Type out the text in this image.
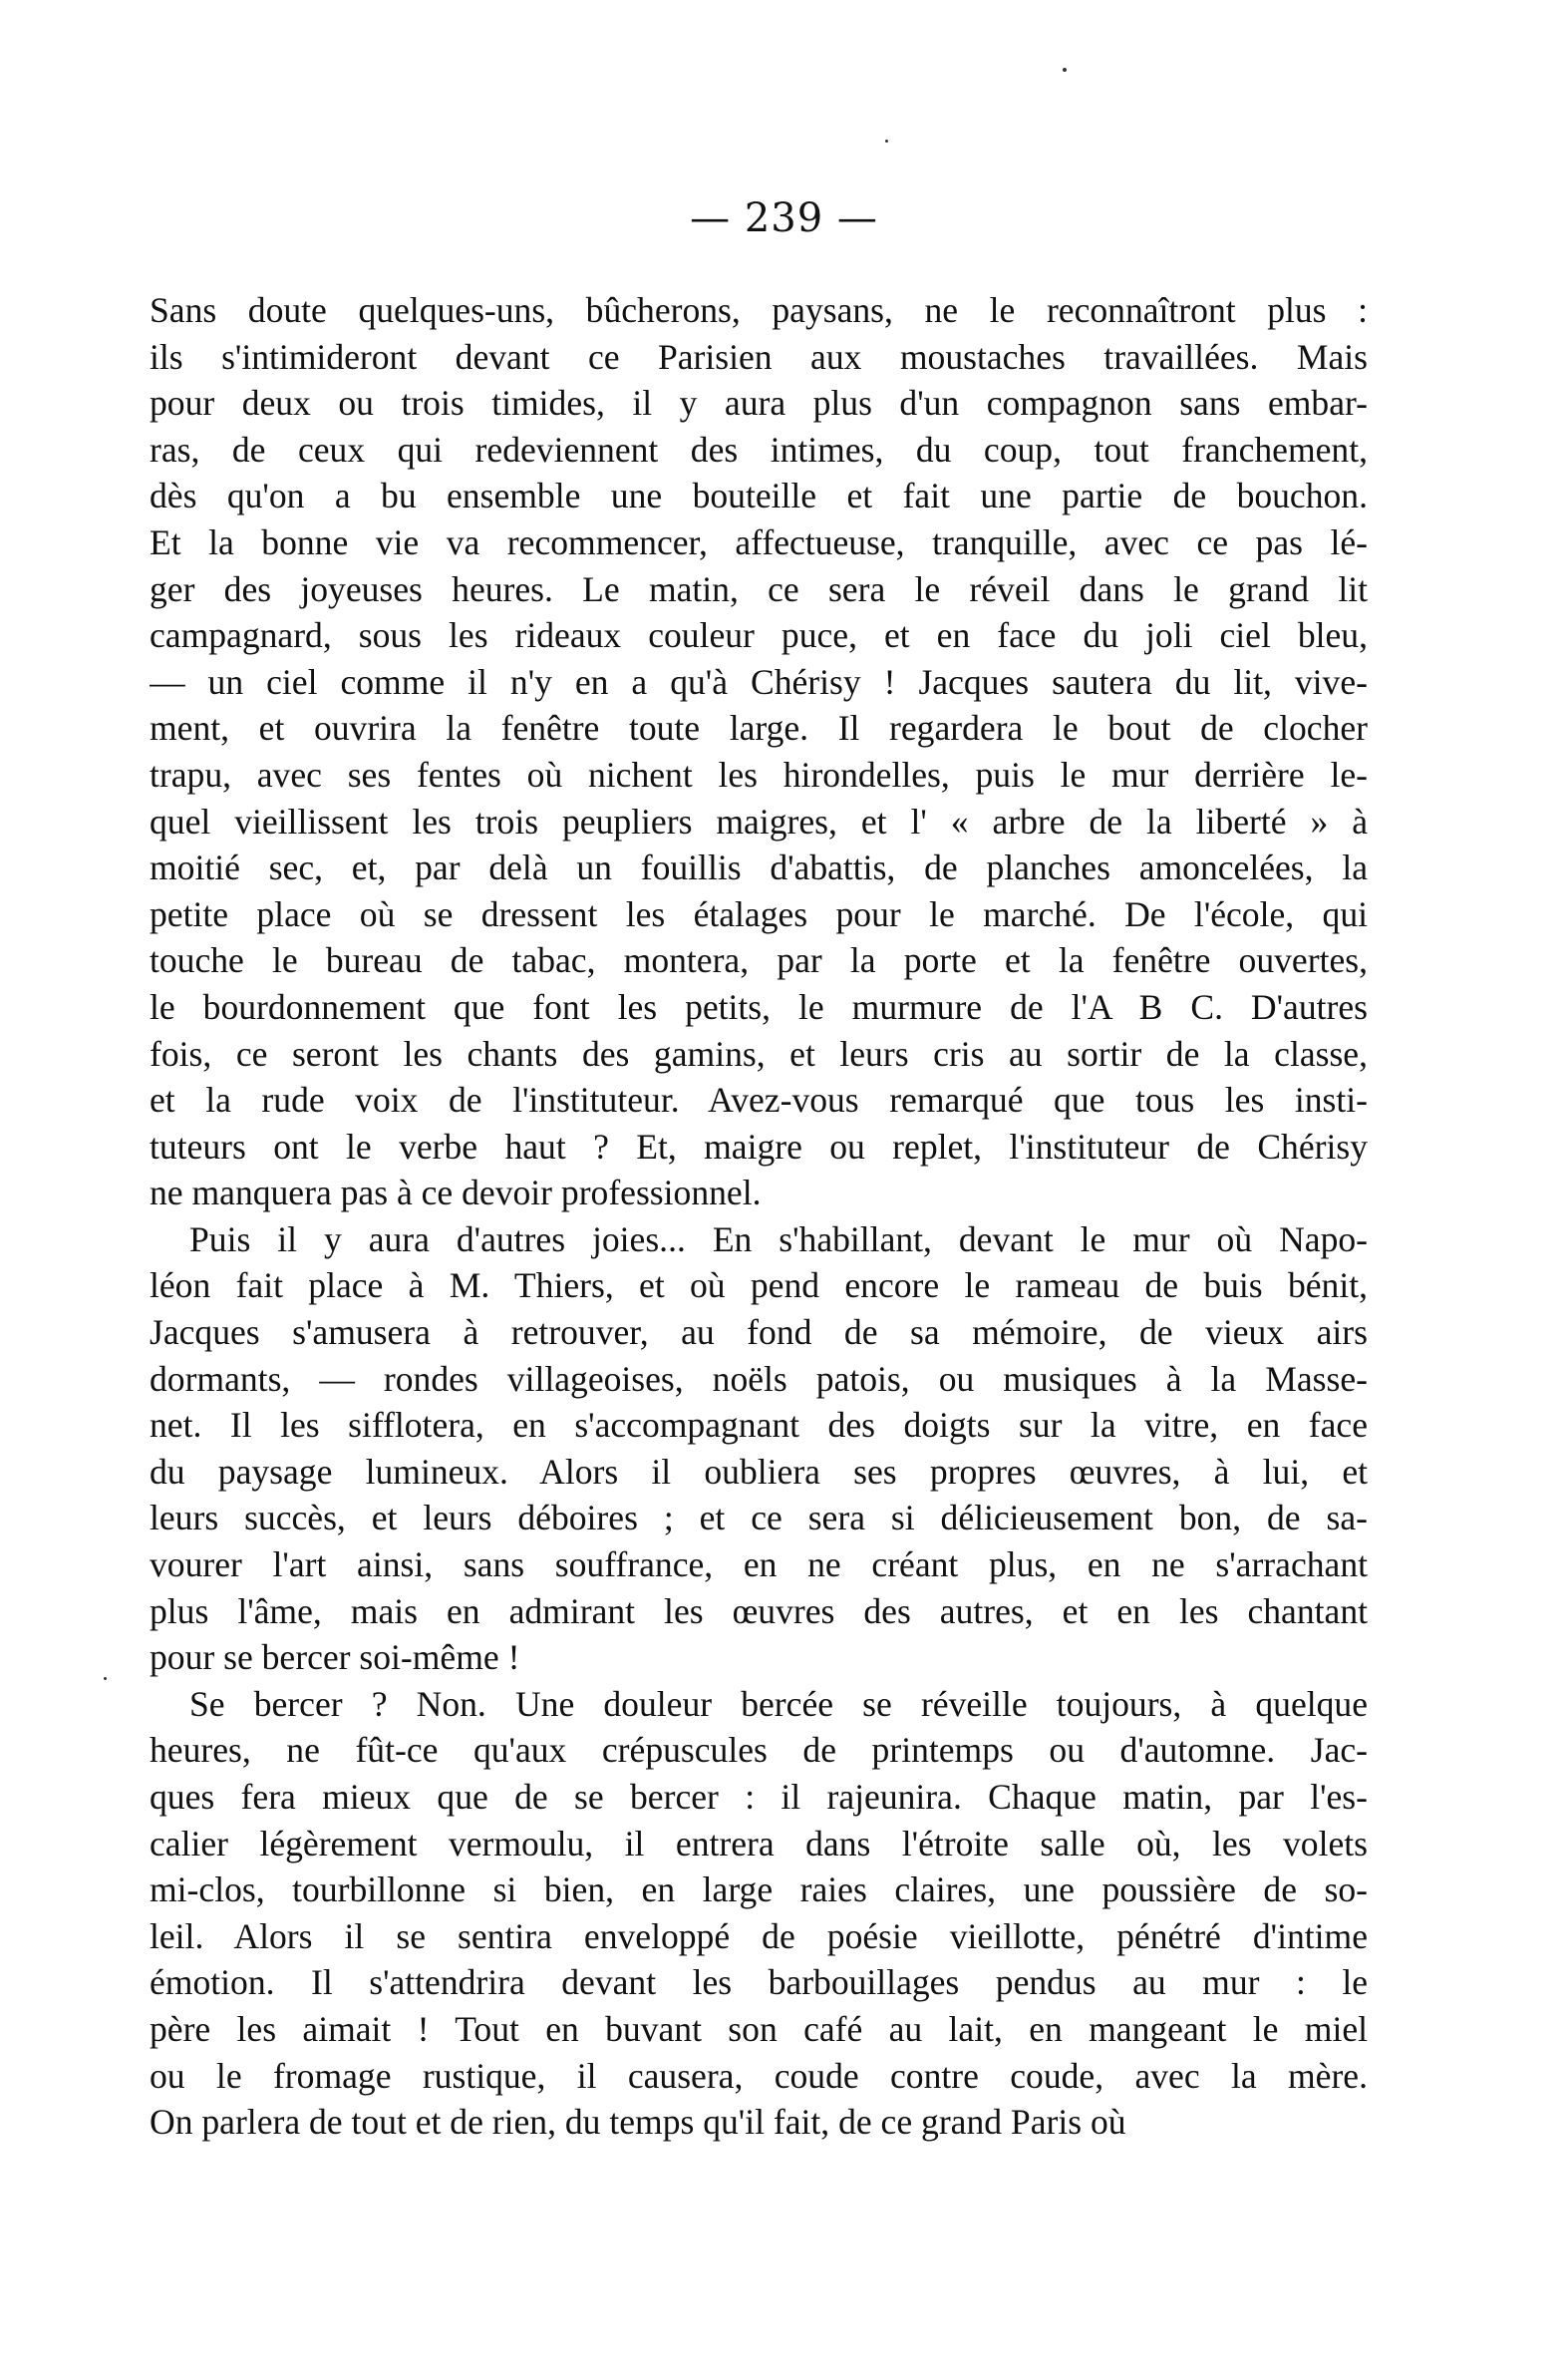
— 239 —

Sans doute quelques-uns, bûcherons, paysans, ne le reconnaîtront plus :
ils s'intimideront devant ce Parisien aux moustaches travaillées. Mais
pour deux ou trois timides, il y aura plus d'un compagnon sans embar-
ras, de ceux qui redeviennent des intimes, du coup, tout franchement,
dès qu'on a bu ensemble une bouteille et fait une partie de bouchon.
Et la bonne vie va recommencer, affectueuse, tranquille, avec ce pas lé-
ger des joyeuses heures. Le matin, ce sera le réveil dans le grand lit
campagnard, sous les rideaux couleur puce, et en face du joli ciel bleu,
— un ciel comme il n'y en a qu'à Chérisy ! Jacques sautera du lit, vive-
ment, et ouvrira la fenêtre toute large. Il regardera le bout de clocher
trapu, avec ses fentes où nichent les hirondelles, puis le mur derrière le-
quel vieillissent les trois peupliers maigres, et l' « arbre de la liberté » à
moitié sec, et, par delà un fouillis d'abattis, de planches amoncelées, la
petite place où se dressent les étalages pour le marché. De l'école, qui
touche le bureau de tabac, montera, par la porte et la fenêtre ouvertes,
le bourdonnement que font les petits, le murmure de l'A B C. D'autres
fois, ce seront les chants des gamins, et leurs cris au sortir de la classe,
et la rude voix de l'instituteur. Avez-vous remarqué que tous les insti-
tuteurs ont le verbe haut ? Et, maigre ou replet, l'instituteur de Chérisy
ne manquera pas à ce devoir professionnel.

Puis il y aura d'autres joies... En s'habillant, devant le mur où Napo-
léon fait place à M. Thiers, et où pend encore le rameau de buis bénit,
Jacques s'amusera à retrouver, au fond de sa mémoire, de vieux airs
dormants, — rondes villageoises, noëls patois, ou musiques à la Masse-
net. Il les sifflotera, en s'accompagnant des doigts sur la vitre, en face
du paysage lumineux. Alors il oubliera ses propres œuvres, à lui, et
leurs succès, et leurs déboires ; et ce sera si délicieusement bon, de sa-
vourer l'art ainsi, sans souffrance, en ne créant plus, en ne s'arrachant
plus l'âme, mais en admirant les œuvres des autres, et en les chantant
pour se bercer soi-même !

Se bercer ? Non. Une douleur bercée se réveille toujours, à quelque
heures, ne fût-ce qu'aux crépuscules de printemps ou d'automne. Jac-
ques fera mieux que de se bercer : il rajeunira. Chaque matin, par l'es-
calier légèrement vermoulu, il entrera dans l'étroite salle où, les volets
mi-clos, tourbillonne si bien, en large raies claires, une poussière de so-
leil. Alors il se sentira enveloppé de poésie vieillotte, pénétré d'intime
émotion. Il s'attendrira devant les barbouillages pendus au mur : le
père les aimait ! Tout en buvant son café au lait, en mangeant le miel
ou le fromage rustique, il causera, coude contre coude, avec la mère.
On parlera de tout et de rien, du temps qu'il fait, de ce grand Paris où
